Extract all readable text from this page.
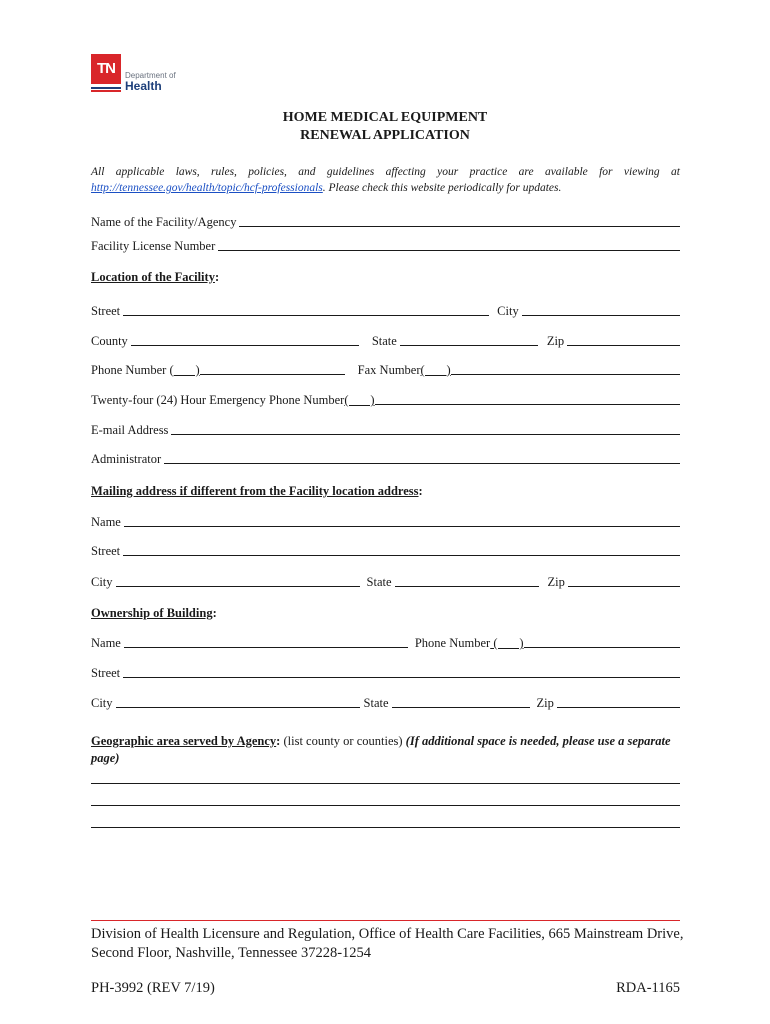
TN	Department of
Health
HOME MEDICAL EQUIPMENT
RENEWAL APPLICATION
All applicable laws, rules, policies, and guidelines affecting your practice are available for viewing at http://tennessee.gov/health/topic/hcf-professionals. Please check this website periodically for updates.
Name of the Facility/Agency
Facility License Number
Location of the Facility:
Street	City
County	State	Zip
Phone Number ( )	Fax Number (       )
Twenty-four (24) Hour Emergency Phone Number (       )
E-mail Address
Administrator
Mailing address if different from the Facility location address:
Name
Street
City	State	Zip
Ownership of Building:
Name	Phone Number (       )
Street
City	State	Zip
Geographic area served by Agency: (list county or counties) (If additional space is needed, please use a separate page)
Division of Health Licensure and Regulation, Office of Health Care Facilities, 665 Mainstream Drive, Second Floor, Nashville, Tennessee 37228-1254
PH-3992 (REV 7/19)	RDA-1165
